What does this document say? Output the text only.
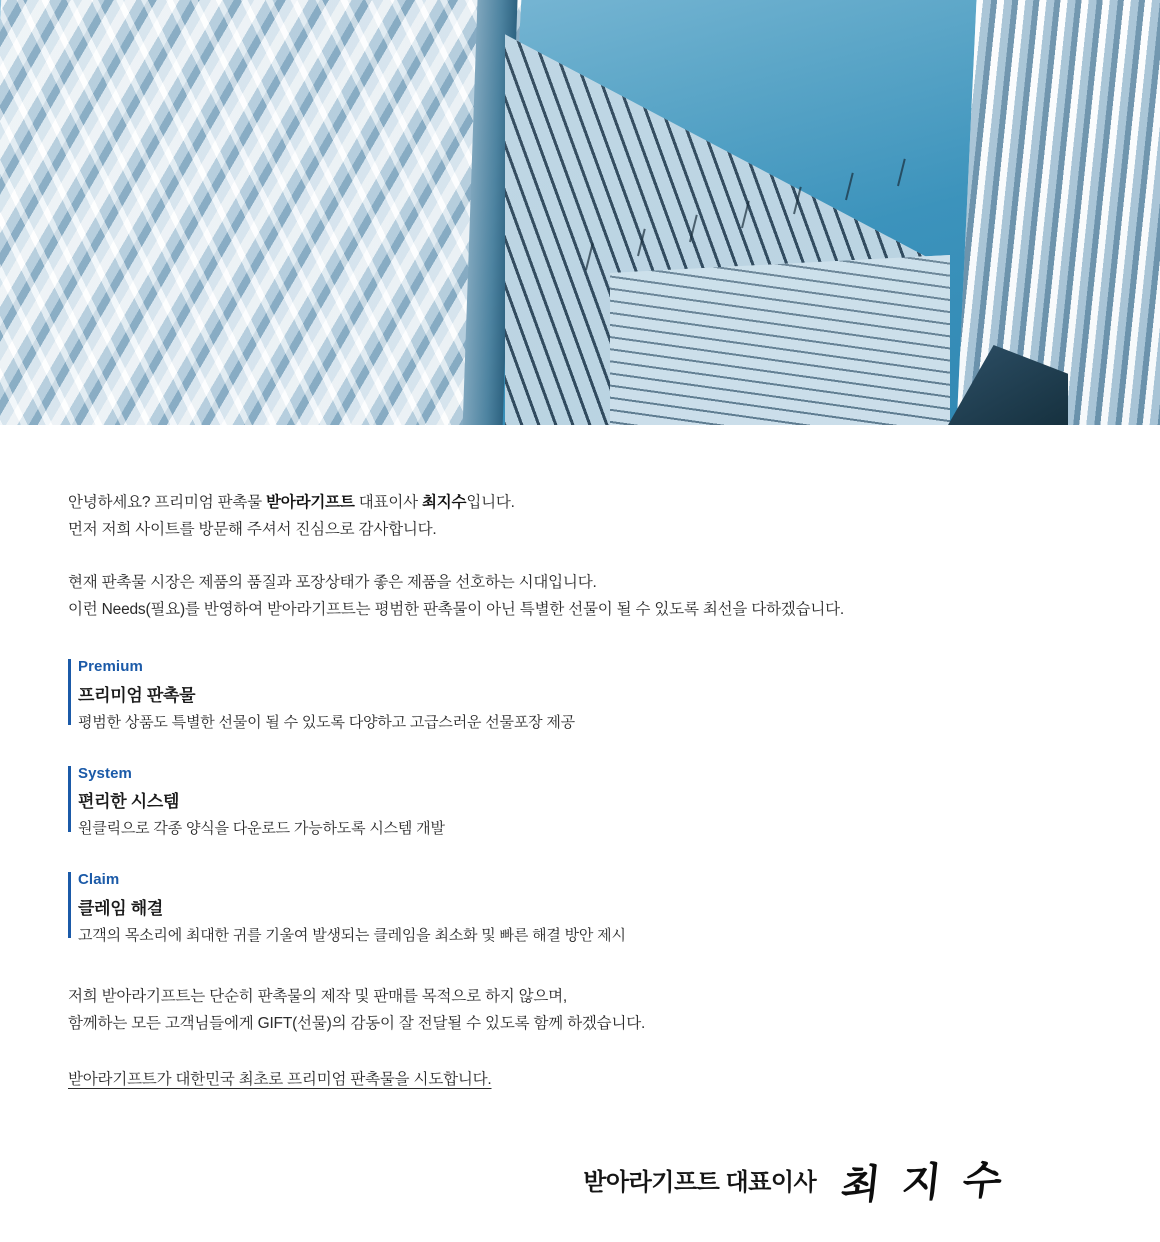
안녕하세요? 프리미엄 판촉물 받아라기프트 대표이사 최지수입니다.
먼저 저희 사이트를 방문해 주셔서 진심으로 감사합니다.

현재 판촉물 시장은 제품의 품질과 포장상태가 좋은 제품을 선호하는 시대입니다.
이런 Needs(필요)를 반영하여 받아라기프트는 평범한 판촉물이 아닌 특별한 선물이 될 수 있도록 최선을 다하겠습니다.

Premium
프리미엄 판촉물
평범한 상품도 특별한 선물이 될 수 있도록 다양하고 고급스러운 선물포장 제공
System
편리한 시스템
원클릭으로 각종 양식을 다운로드 가능하도록 시스템 개발
Claim
클레임 해결
고객의 목소리에 최대한 귀를 기울여 발생되는 클레임을 최소화 및 빠른 해결 방안 제시

저희 받아라기프트는 단순히 판촉물의 제작 및 판매를 목적으로 하지 않으며,
함께하는 모든 고객님들에게 GIFT(선물)의 감동이 잘 전달될 수 있도록 함께 하겠습니다.

받아라기프트가 대한민국 최초로 프리미엄 판촉물을 시도합니다.
받아라기프트 대표이사 최 지 수
